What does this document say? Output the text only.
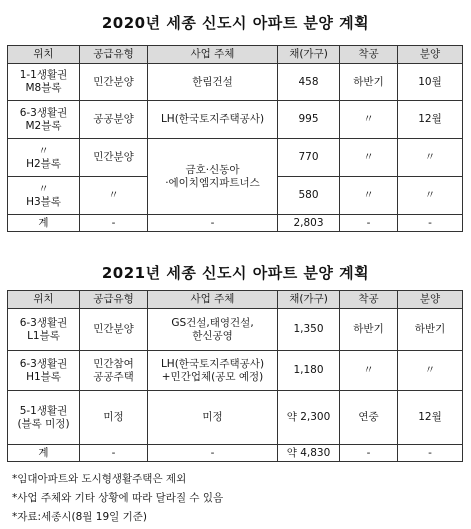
2020년 세종 신도시 아파트 분양 계획
위치	공급유형	사업 주체	채(가구)	착공	분양
1-1생활권
M8블록	민간분양	한림건설	458	하반기	10월
6-3생활권
M2블록	공공분양	LH(한국토지주택공사)	995	〃	12월
〃
H2블록	민간분양	금호·신동아
·에이치엠지파트너스	770	〃	〃
〃
H3블록	〃		580	〃	〃
계	-	-	2,803	-	-
2021년 세종 신도시 아파트 분양 계획
위치	공급유형	사업 주체	채(가구)	착공	분양
6-3생활권
L1블록	민간분양	GS건설,태영건설,
한신공영	1,350	하반기	하반기
6-3생활권
H1블록	민간참여
공공주택	LH(한국토지주택공사)
+민간업체(공모 예정)	1,180	〃	〃
5-1생활권
(블록 미정)	미정	미정	약 2,300	연중	12월
계	-	-	약 4,830	-	-
*임대아파트와 도시형생활주택은 제외
*사업 주체와 기타 상황에 따라 달라질 수 있음
*자료:세종시(8월 19일 기준)
